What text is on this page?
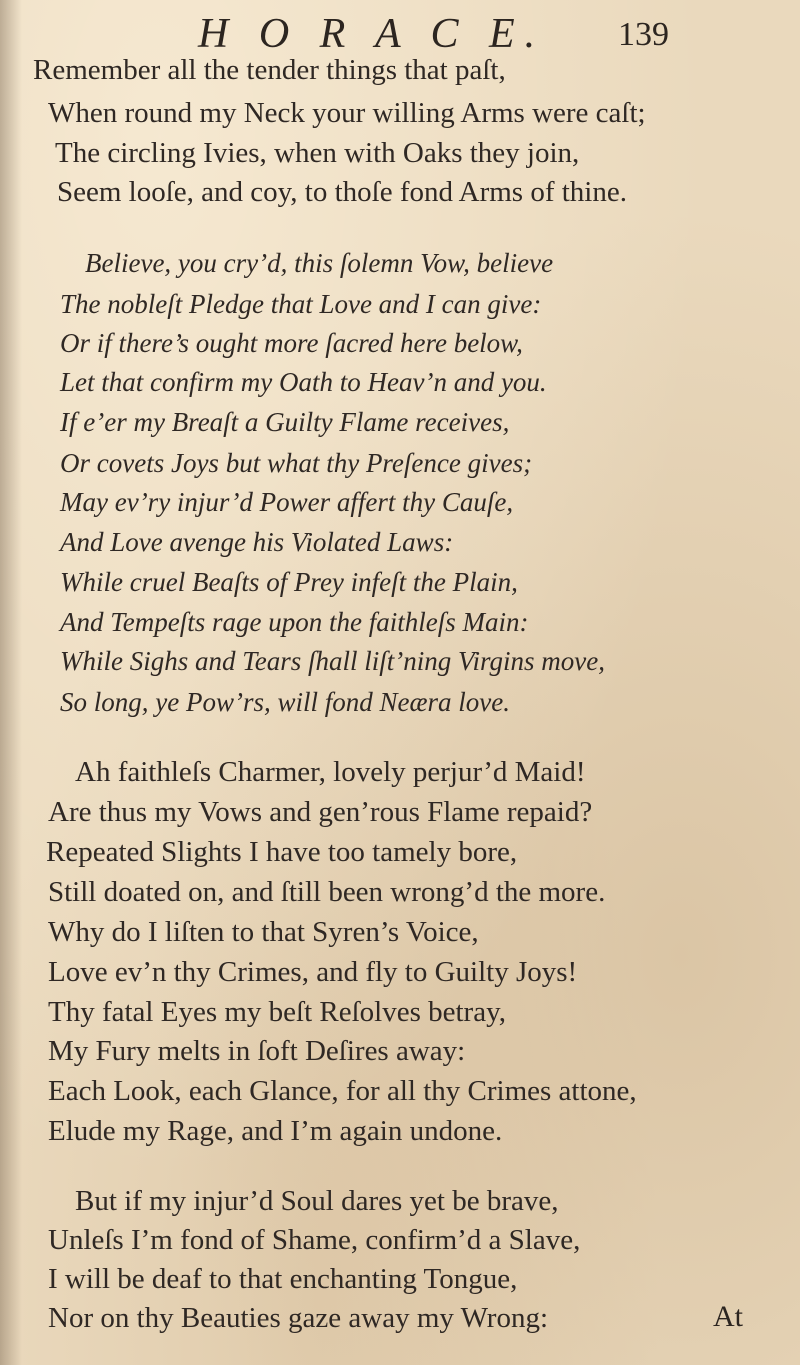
H O R A C E. 139
Remember all the tender things that paſt,
When round my Neck your willing Arms were caſt;
The circling Ivies, when with Oaks they join,
Seem looſe, and coy, to thoſe fond Arms of thine.
Believe, you cry’d, this ſolemn Vow, believe
The nobleſt Pledge that Love and I can give:
Or if there’s ought more ſacred here below,
Let that confirm my Oath to Heav’n and you.
If e’er my Breaſt a Guilty Flame receives,
Or covets Joys but what thy Preſence gives;
May ev’ry injur’d Power affert thy Cauſe,
And Love avenge his Violated Laws:
While cruel Beaſts of Prey infeſt the Plain,
And Tempeſts rage upon the faithleſs Main:
While Sighs and Tears ſhall liſt’ning Virgins move,
So long, ye Pow’rs, will fond Neæra love.
Ah faithleſs Charmer, lovely perjur’d Maid!
Are thus my Vows and gen’rous Flame repaid?
Repeated Slights I have too tamely bore,
Still doated on, and ſtill been wrong’d the more.
Why do I liſten to that Syren’s Voice,
Love ev’n thy Crimes, and fly to Guilty Joys!
Thy fatal Eyes my beſt Reſolves betray,
My Fury melts in ſoft Deſires away:
Each Look, each Glance, for all thy Crimes attone,
Elude my Rage, and I’m again undone.
But if my injur’d Soul dares yet be brave,
Unleſs I’m fond of Shame, confirm’d a Slave,
I will be deaf to that enchanting Tongue,
Nor on thy Beauties gaze away my Wrong:	At
